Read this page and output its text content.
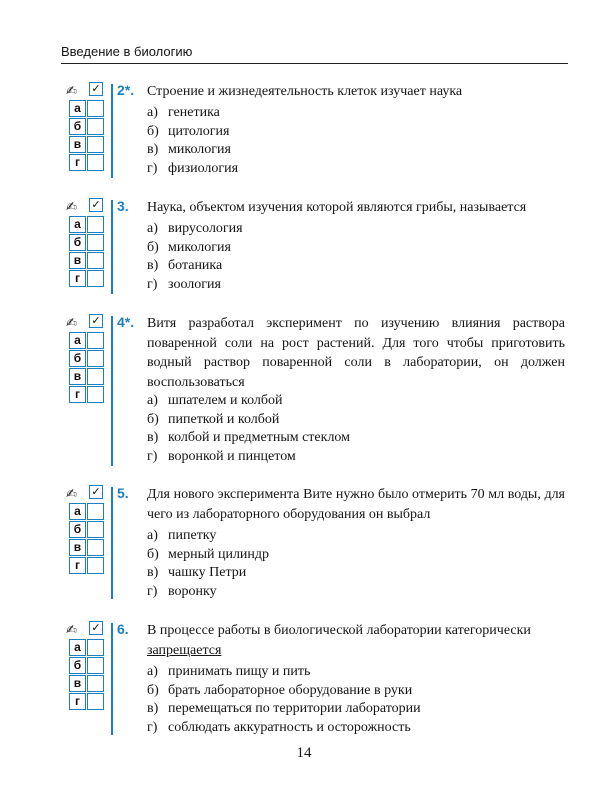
Введение в биологию
✍ ✓
а
б
в
г
2*. Строение и жизнедеятельность клеток изучает наука

а) генетика
б) цитология
в) микология
г) физиология
✍ ✓
а
б
в
г
3. Наука, объектом изучения которой являются грибы, называется

а) вирусология
б) микология
в) ботаника
г) зоология
✍ ✓
а
б
в
г
4*. Витя разработал эксперимент по изучению влияния раствора поваренной соли на рост растений. Для того чтобы приготовить водный раствор поваренной соли в лаборатории, он должен воспользоваться

а) шпателем и колбой
б) пипеткой и колбой
в) колбой и предметным стеклом
г) воронкой и пинцетом
✍ ✓
а
б
в
г
5. Для нового эксперимента Вите нужно было отмерить 70 мл воды, для чего из лабораторного оборудования он выбрал

а) пипетку
б) мерный цилиндр
в) чашку Петри
г) воронку
✍ ✓
а
б
в
г
6. В процессе работы в биологической лаборатории категорически
запрещается

а) принимать пищу и пить
б) брать лабораторное оборудование в руки
в) перемещаться по территории лаборатории
г) соблюдать аккуратность и осторожность
14
